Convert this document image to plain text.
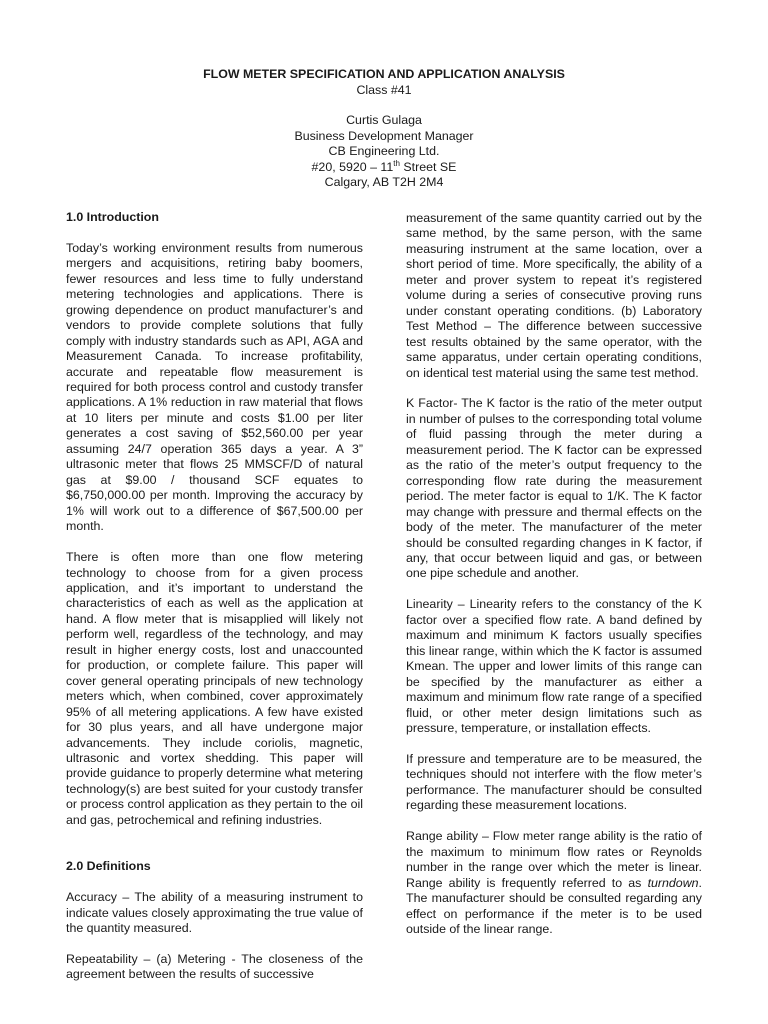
FLOW METER SPECIFICATION AND APPLICATION ANALYSIS
Class #41
Curtis Gulaga
Business Development Manager
CB Engineering Ltd.
#20, 5920 – 11th Street SE
Calgary, AB T2H 2M4
1.0 Introduction

Today’s working environment results from numerous mergers and acquisitions, retiring baby boomers, fewer resources and less time to fully understand metering technologies and applications. There is growing dependence on product manufacturer’s and vendors to provide complete solutions that fully comply with industry standards such as API, AGA and Measurement Canada. To increase profitability, accurate and repeatable flow measurement is required for both process control and custody transfer applications. A 1% reduction in raw material that flows at 10 liters per minute and costs $1.00 per liter generates a cost saving of $52,560.00 per year assuming 24/7 operation 365 days a year. A 3” ultrasonic meter that flows 25 MMSCF/D of natural gas at $9.00 / thousand SCF equates to $6,750,000.00 per month. Improving the accuracy by 1% will work out to a difference of $67,500.00 per month.

There is often more than one flow metering technology to choose from for a given process application, and it’s important to understand the characteristics of each as well as the application at hand. A flow meter that is misapplied will likely not perform well, regardless of the technology, and may result in higher energy costs, lost and unaccounted for production, or complete failure. This paper will cover general operating principals of new technology meters which, when combined, cover approximately 95% of all metering applications. A few have existed for 30 plus years, and all have undergone major advancements. They include coriolis, magnetic, ultrasonic and vortex shedding. This paper will provide guidance to properly determine what metering technology(s) are best suited for your custody transfer or process control application as they pertain to the oil and gas, petrochemical and refining industries.

2.0 Definitions

Accuracy – The ability of a measuring instrument to indicate values closely approximating the true value of the quantity measured.

Repeatability – (a) Metering - The closeness of the agreement between the results of successive

measurement of the same quantity carried out by the same method, by the same person, with the same measuring instrument at the same location, over a short period of time. More specifically, the ability of a meter and prover system to repeat it’s registered volume during a series of consecutive proving runs under constant operating conditions. (b) Laboratory Test Method – The difference between successive test results obtained by the same operator, with the same apparatus, under certain operating conditions, on identical test material using the same test method.

K Factor- The K factor is the ratio of the meter output in number of pulses to the corresponding total volume of fluid passing through the meter during a measurement period. The K factor can be expressed as the ratio of the meter’s output frequency to the corresponding flow rate during the measurement period. The meter factor is equal to 1/K. The K factor may change with pressure and thermal effects on the body of the meter. The manufacturer of the meter should be consulted regarding changes in K factor, if any, that occur between liquid and gas, or between one pipe schedule and another.

Linearity – Linearity refers to the constancy of the K factor over a specified flow rate. A band defined by maximum and minimum K factors usually specifies this linear range, within which the K factor is assumed Kmean. The upper and lower limits of this range can be specified by the manufacturer as either a maximum and minimum flow rate range of a specified fluid, or other meter design limitations such as pressure, temperature, or installation effects.

If pressure and temperature are to be measured, the techniques should not interfere with the flow meter’s performance. The manufacturer should be consulted regarding these measurement locations.

Range ability – Flow meter range ability is the ratio of the maximum to minimum flow rates or Reynolds number in the range over which the meter is linear. Range ability is frequently referred to as turndown. The manufacturer should be consulted regarding any effect on performance if the meter is to be used outside of the linear range.
